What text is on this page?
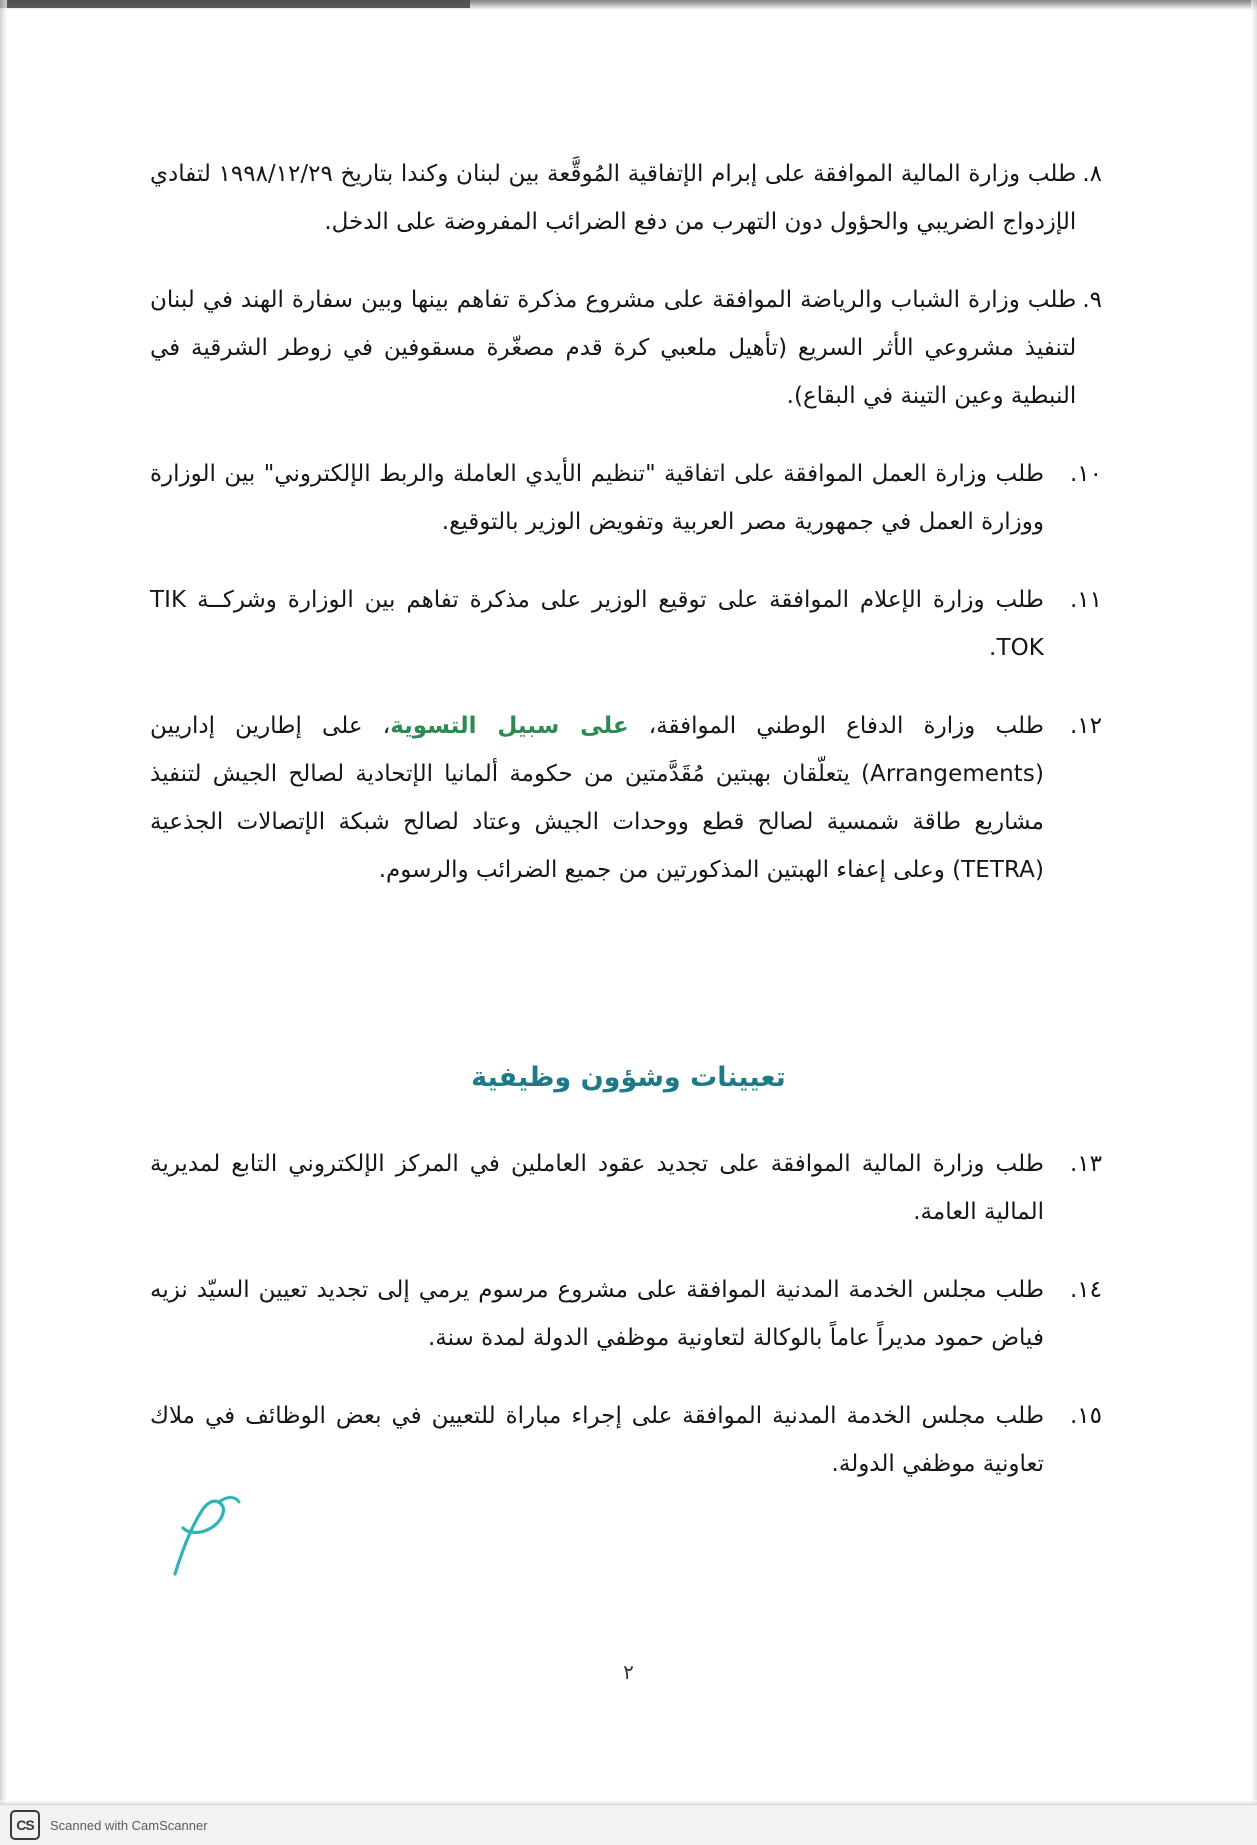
٨.
طلب وزارة المالية الموافقة على إبرام الإتفاقية المُوقَّعة بين لبنان وكندا بتاريخ ١٩٩٨/١٢/٢٩ لتفادي الإزدواج الضريبي والحؤول دون التهرب من دفع الضرائب المفروضة على الدخل.
٩.
طلب وزارة الشباب والرياضة الموافقة على مشروع مذكرة تفاهم بينها وبين سفارة الهند في لبنان لتنفيذ مشروعي الأثر السريع (تأهيل ملعبي كرة قدم مصغّرة مسقوفين في زوطر الشرقية في النبطية وعين التينة في البقاع).
١٠.
طلب وزارة العمل الموافقة على اتفاقية "تنظيم الأيدي العاملة والربط الإلكتروني" بين الوزارة ووزارة العمل في جمهورية مصر العربية وتفويض الوزير بالتوقيع.
١١.
طلب وزارة الإعلام الموافقة على توقيع الوزير على مذكرة تفاهم بين الوزارة وشركــة TIK TOK.
١٢.
طلب وزارة الدفاع الوطني الموافقة، على سبيل التسوية، على إطارين إداريين (Arrangements) يتعلّقان بهبتين مُقَدَّمتين من حكومة ألمانيا الإتحادية لصالح الجيش لتنفيذ مشاريع طاقة شمسية لصالح قطع ووحدات الجيش وعتاد لصالح شبكة الإتصالات الجذعية (TETRA) وعلى إعفاء الهبتين المذكورتين من جميع الضرائب والرسوم.
تعيينات وشؤون وظيفية
١٣.
طلب وزارة المالية الموافقة على تجديد عقود العاملين في المركز الإلكتروني التابع لمديرية المالية العامة.
١٤.
طلب مجلس الخدمة المدنية الموافقة على مشروع مرسوم يرمي إلى تجديد تعيين السيّد نزيه فياض حمود مديراً عاماً بالوكالة لتعاونية موظفي الدولة لمدة سنة.
١٥.
طلب مجلس الخدمة المدنية الموافقة على إجراء مباراة للتعيين في بعض الوظائف في ملاك تعاونية موظفي الدولة.
٢
CS	Scanned with CamScanner
